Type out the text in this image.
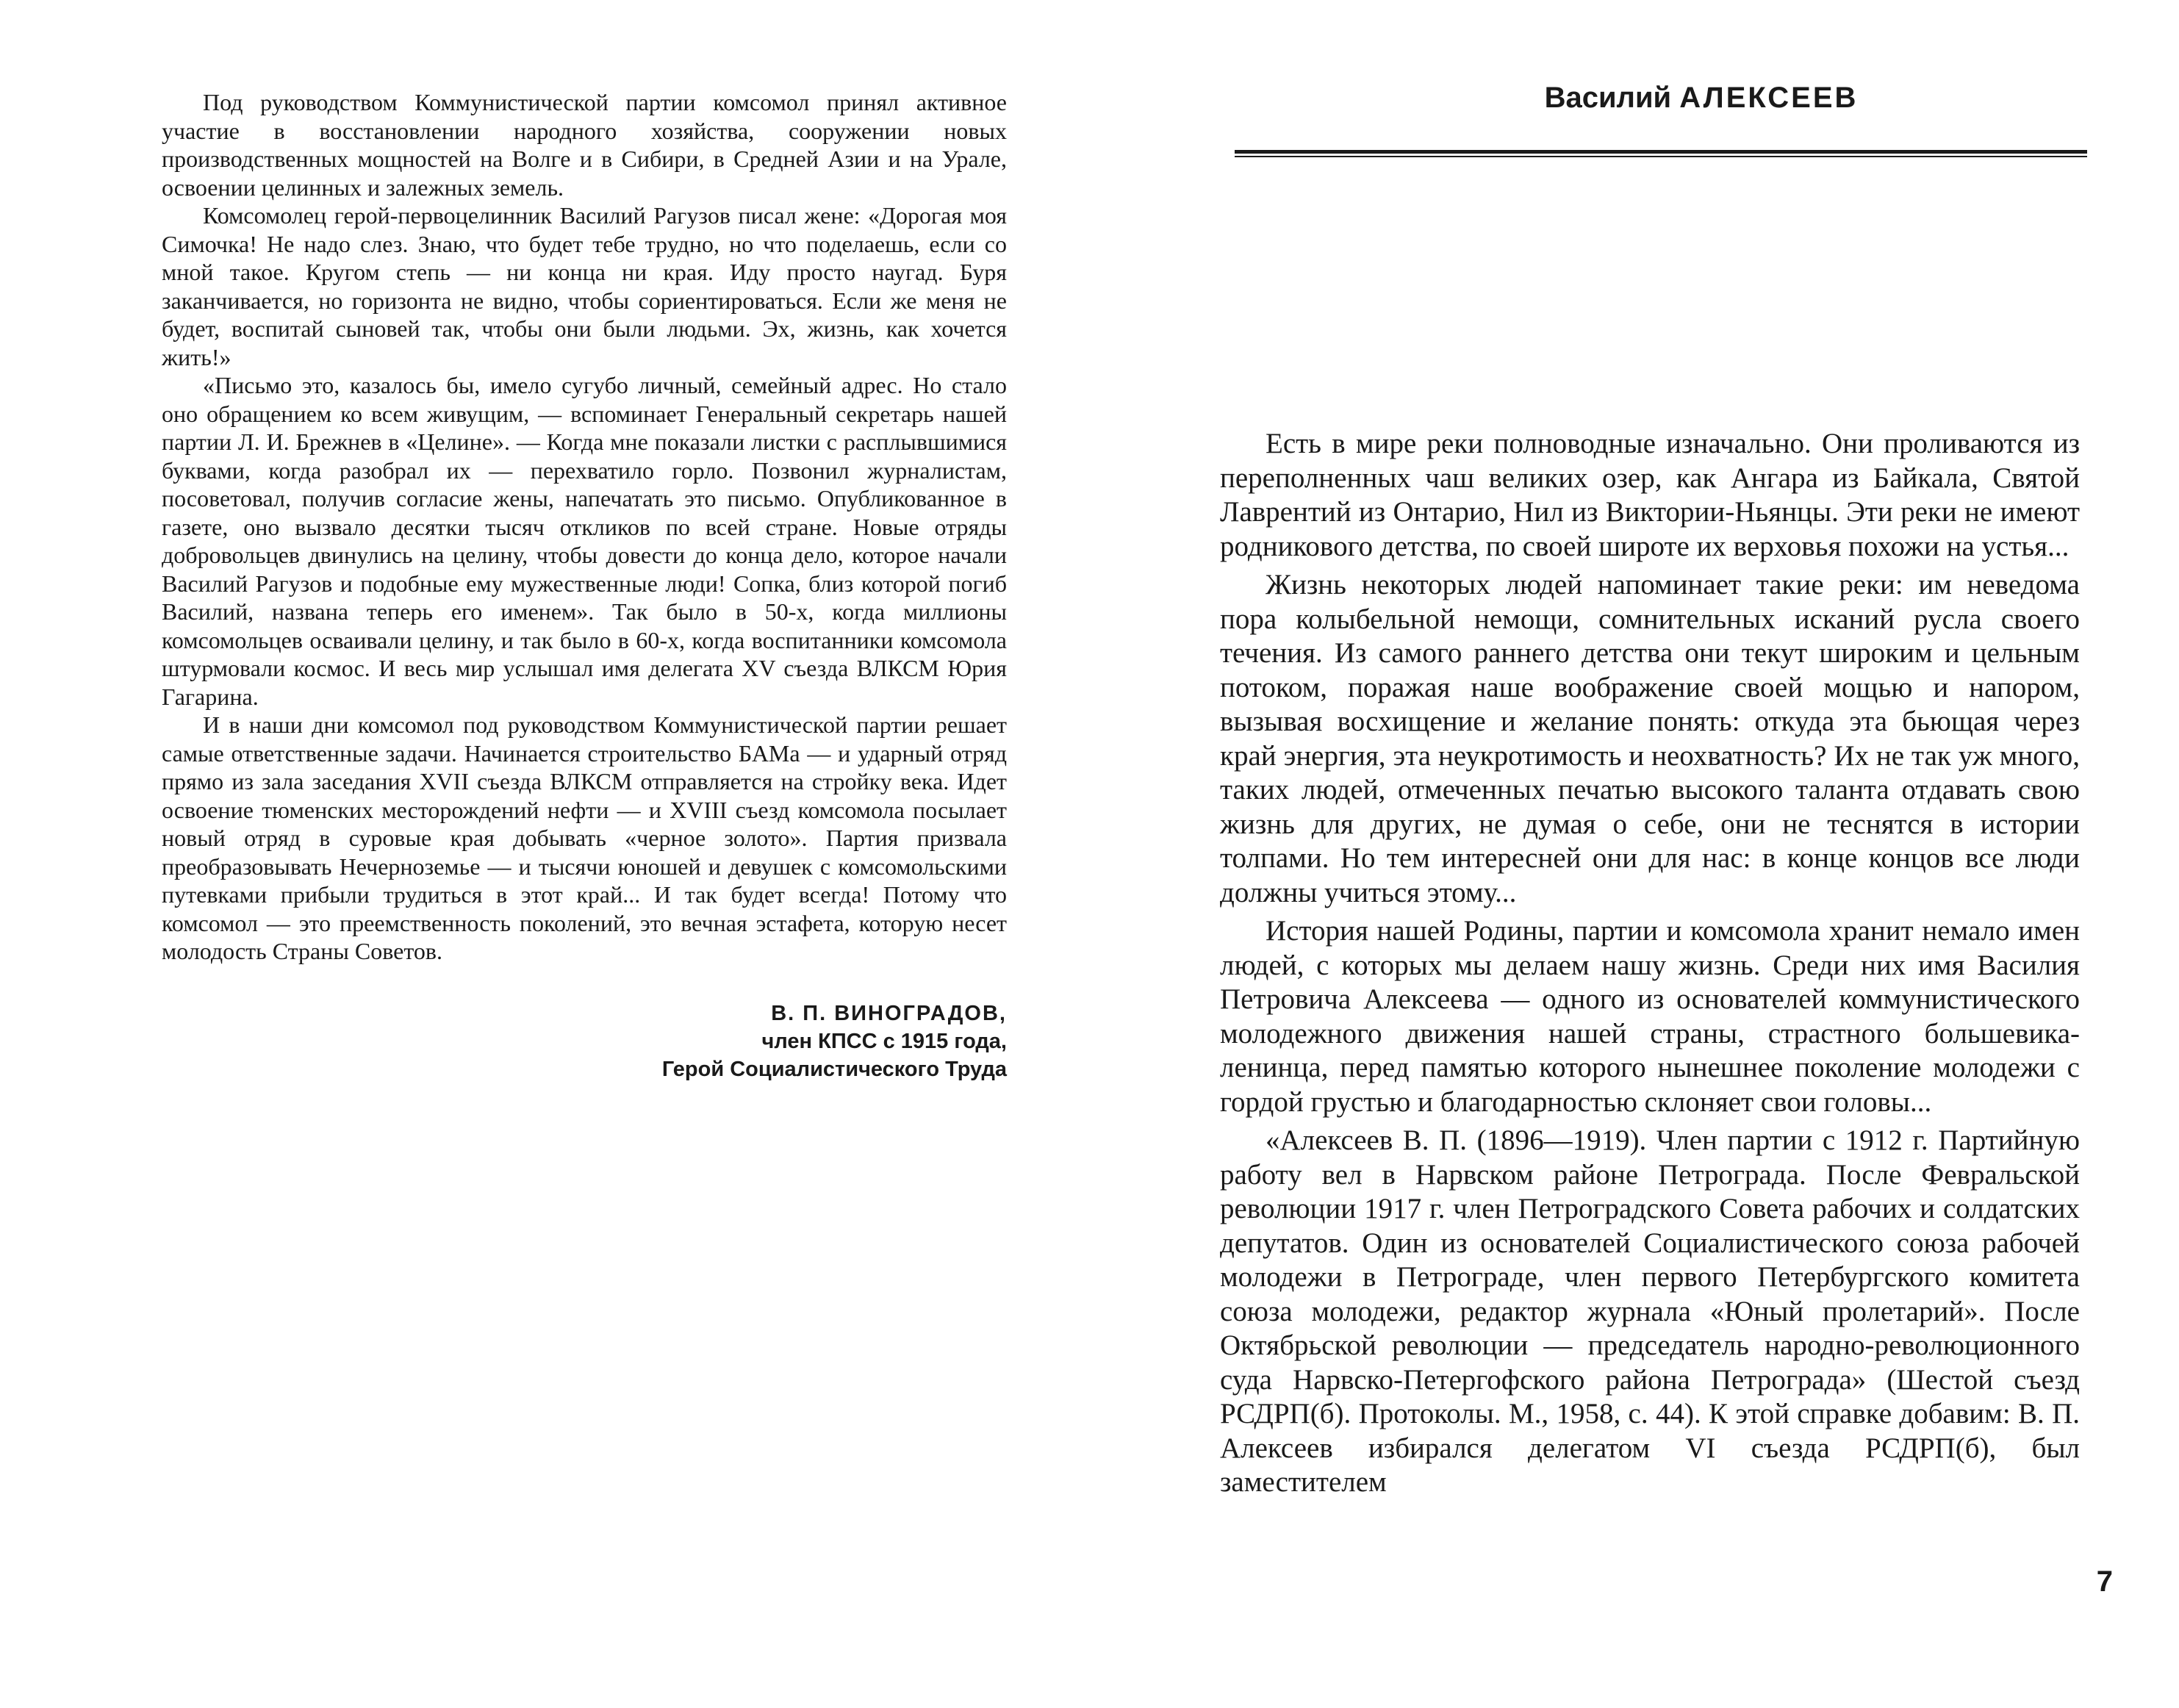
Под руководством Коммунистической партии комсомол принял активное участие в восстановлении народного хозяйства, сооружении новых производственных мощностей на Волге и в Сибири, в Средней Азии и на Урале, освоении целинных и залежных земель.

Комсомолец герой-первоцелинник Василий Рагузов писал жене: «Дорогая моя Симочка! Не надо слез. Знаю, что будет тебе трудно, но что поделаешь, если со мной такое. Кругом степь — ни конца ни края. Иду просто наугад. Буря заканчивается, но горизонта не видно, чтобы сориентироваться. Если же меня не будет, воспитай сыновей так, чтобы они были людьми. Эх, жизнь, как хочется жить!»

«Письмо это, казалось бы, имело сугубо личный, семейный адрес. Но стало оно обращением ко всем живущим, — вспоминает Генеральный секретарь нашей партии Л. И. Брежнев в «Целине». — Когда мне показали листки с расплывшимися буквами, когда разобрал их — перехватило горло. Позвонил журналистам, посоветовал, получив согласие жены, напечатать это письмо. Опубликованное в газете, оно вызвало десятки тысяч откликов по всей стране. Новые отряды добровольцев двинулись на целину, чтобы довести до конца дело, которое начали Василий Рагузов и подобные ему мужественные люди! Сопка, близ которой погиб Василий, названа теперь его именем». Так было в 50-х, когда миллионы комсомольцев осваивали целину, и так было в 60-х, когда воспитанники комсомола штурмовали космос. И весь мир услышал имя делегата XV съезда ВЛКСМ Юрия Гагарина.

И в наши дни комсомол под руководством Коммунистической партии решает самые ответственные задачи. Начинается строительство БАМа — и ударный отряд прямо из зала заседания XVII съезда ВЛКСМ отправляется на стройку века. Идет освоение тюменских месторождений нефти — и XVIII съезд комсомола посылает новый отряд в суровые края добывать «черное золото». Партия призвала преобразовывать Нечерноземье — и тысячи юношей и девушек с комсомольскими путевками прибыли трудиться в этот край... И так будет всегда! Потому что комсомол — это преемственность поколений, это вечная эстафета, которую несет молодость Страны Советов.

В. П. ВИНОГРАДОВ,
член КПСС с 1915 года,
Герой Социалистического Труда
Василий АЛЕКСЕЕВ

Есть в мире реки полноводные изначально. Они проливаются из переполненных чаш великих озер, как Ангара из Байкала, Святой Лаврентий из Онтарио, Нил из Виктории-Ньянцы. Эти реки не имеют родникового детства, по своей широте их верховья похожи на устья...

Жизнь некоторых людей напоминает такие реки: им неведома пора колыбельной немощи, сомнительных исканий русла своего течения. Из самого раннего детства они текут широким и цельным потоком, поражая наше воображение своей мощью и напором, вызывая восхищение и желание понять: откуда эта бьющая через край энергия, эта неукротимость и неохватность? Их не так уж много, таких людей, отмеченных печатью высокого таланта отдавать свою жизнь для других, не думая о себе, они не теснятся в истории толпами. Но тем интересней они для нас: в конце концов все люди должны учиться этому...

История нашей Родины, партии и комсомола хранит немало имен людей, с которых мы делаем нашу жизнь. Среди них имя Василия Петровича Алексеева — одного из основателей коммунистического молодежного движения нашей страны, страстного большевика-ленинца, перед памятью которого нынешнее поколение молодежи с гордой грустью и благодарностью склоняет свои головы...

«Алексеев В. П. (1896—1919). Член партии с 1912 г. Партийную работу вел в Нарвском районе Петрограда. После Февральской революции 1917 г. член Петроградского Совета рабочих и солдатских депутатов. Один из основателей Социалистического союза рабочей молодежи в Петрограде, член первого Петербургского комитета союза молодежи, редактор журнала «Юный пролетарий». После Октябрьской революции — председатель народно-революционного суда Нарвско-Петергофского района Петрограда» (Шестой съезд РСДРП(б). Протоколы. М., 1958, с. 44). К этой справке добавим: В. П. Алексеев избирался делегатом VI съезда РСДРП(б), был заместителем

7
